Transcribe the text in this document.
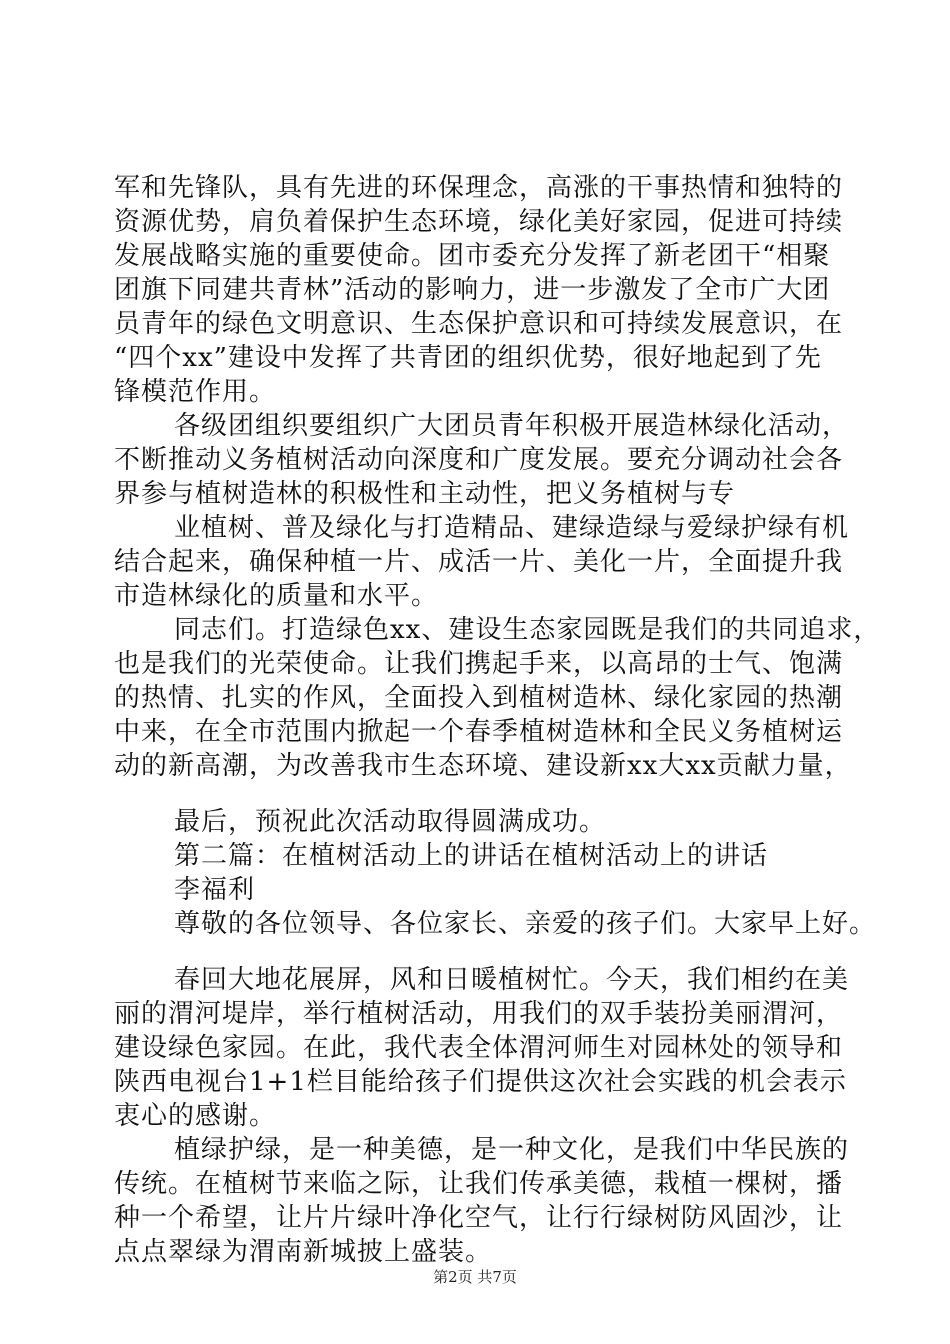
军和先锋队，具有先进的环保理念，高涨的干事热情和独特的
资源优势，肩负着保护生态环境，绿化美好家园，促进可持续
发展战略实施的重要使命。团市委充分发挥了新老团干“相聚
团旗下同建共青林”活动的影响力，进一步激发了全市广大团
员青年的绿色文明意识、生态保护意识和可持续发展意识，在
“四个xx”建设中发挥了共青团的组织优势，很好地起到了先
锋模范作用。
各级团组织要组织广大团员青年积极开展造林绿化活动，
不断推动义务植树活动向深度和广度发展。要充分调动社会各
界参与植树造林的积极性和主动性，把义务植树与专
业植树、普及绿化与打造精品、建绿造绿与爱绿护绿有机
结合起来，确保种植一片、成活一片、美化一片，全面提升我
市造林绿化的质量和水平。
同志们。打造绿色xx、建设生态家园既是我们的共同追求，
也是我们的光荣使命。让我们携起手来，以高昂的士气、饱满
的热情、扎实的作风，全面投入到植树造林、绿化家园的热潮
中来，在全市范围内掀起一个春季植树造林和全民义务植树运
动的新高潮，为改善我市生态环境、建设新xx大xx贡献力量，
最后，预祝此次活动取得圆满成功。
第二篇：在植树活动上的讲话在植树活动上的讲话
李福利
尊敬的各位领导、各位家长、亲爱的孩子们。大家早上好。
春回大地花展屏，风和日暖植树忙。今天，我们相约在美
丽的渭河堤岸，举行植树活动，用我们的双手装扮美丽渭河，
建设绿色家园。在此，我代表全体渭河师生对园林处的领导和
陕西电视台1+1栏目能给孩子们提供这次社会实践的机会表示
衷心的感谢。
植绿护绿，是一种美德，是一种文化，是我们中华民族的
传统。在植树节来临之际，让我们传承美德，栽植一棵树，播
种一个希望，让片片绿叶净化空气，让行行绿树防风固沙，让
点点翠绿为渭南新城披上盛装。
第2页 共7页
